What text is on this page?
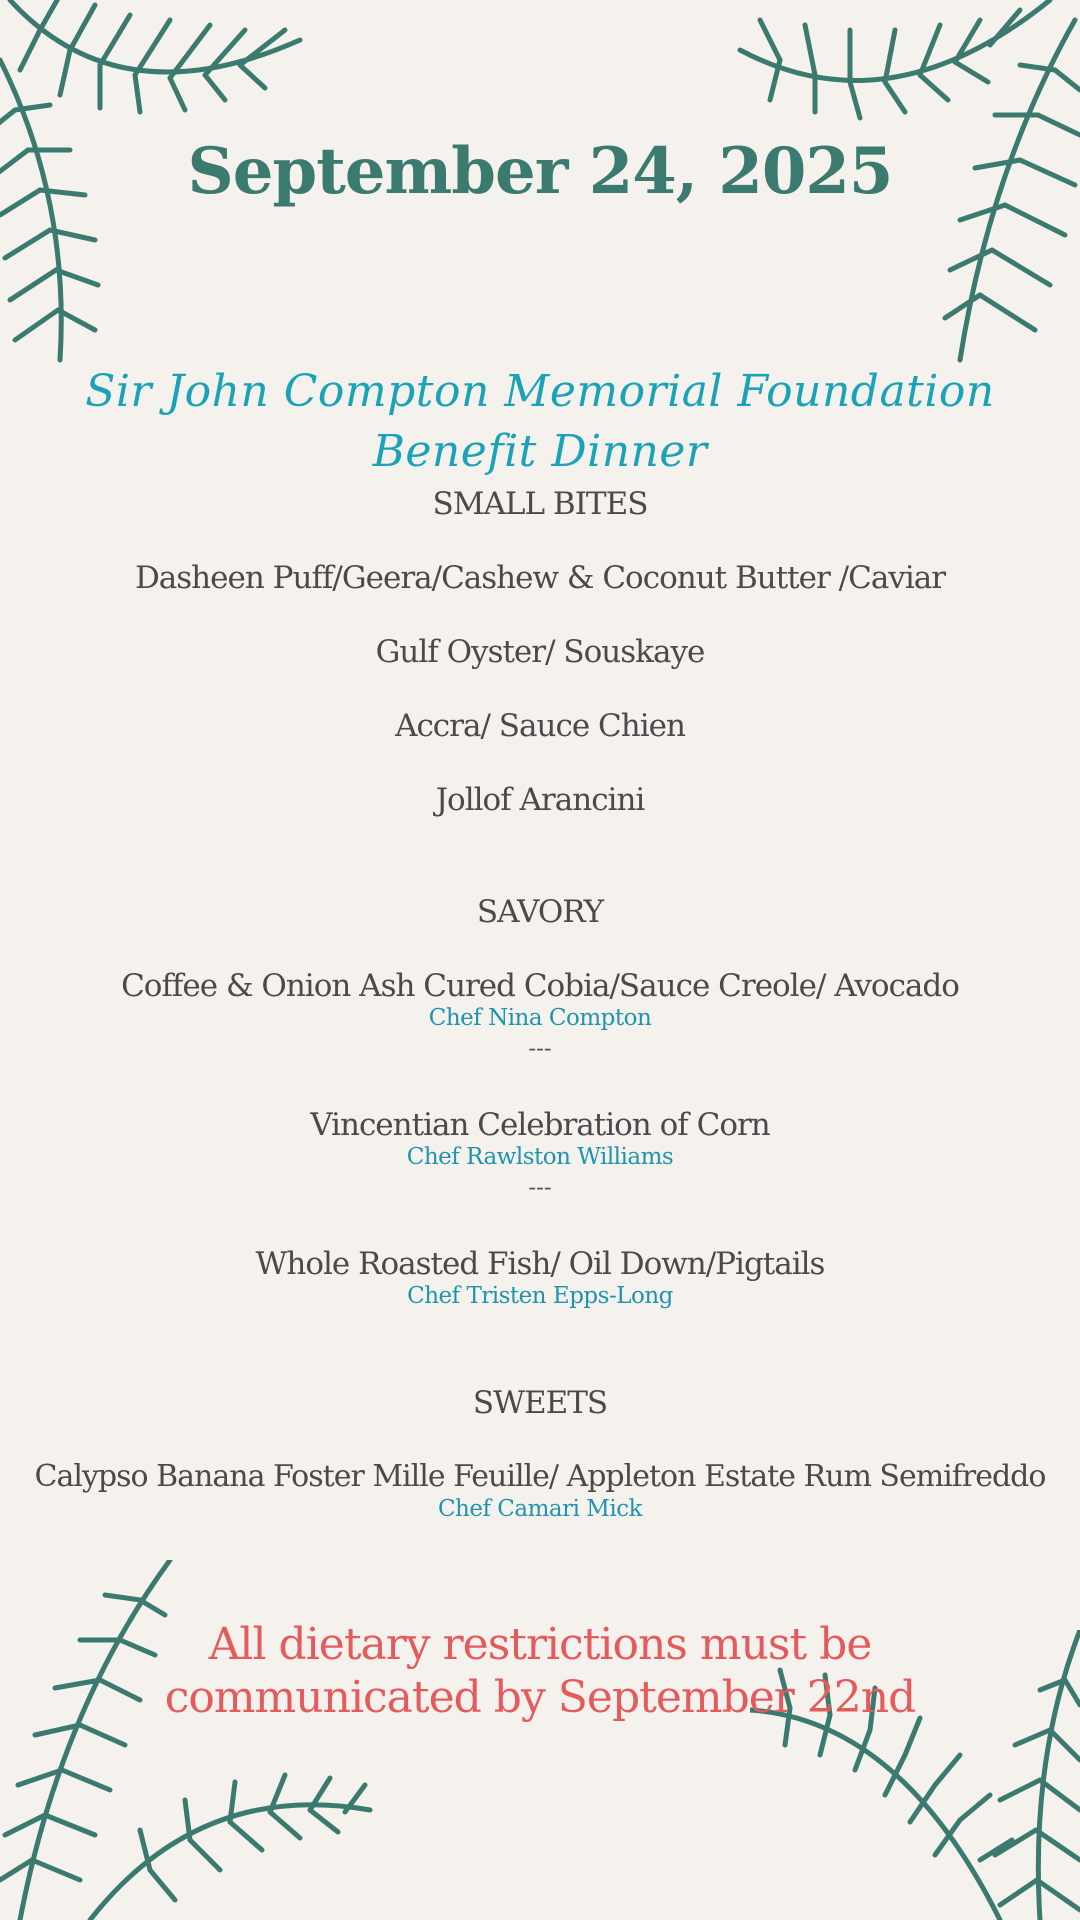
September 24, 2025
Sir John Compton Memorial Foundation Benefit Dinner
SMALL BITES
Dasheen Puff/Geera/Cashew & Coconut Butter /Caviar
Gulf Oyster/ Souskaye
Accra/ Sauce Chien
Jollof Arancini
SAVORY
Coffee & Onion Ash Cured Cobia/Sauce Creole/ Avocado
Chef Nina Compton
---
Vincentian Celebration of Corn
Chef Rawlston Williams
---
Whole Roasted Fish/ Oil Down/Pigtails
Chef Tristen Epps-Long
SWEETS
Calypso Banana Foster Mille Feuille/ Appleton Estate Rum Semifreddo
Chef Camari Mick
All dietary restrictions must be
communicated by September 22nd
